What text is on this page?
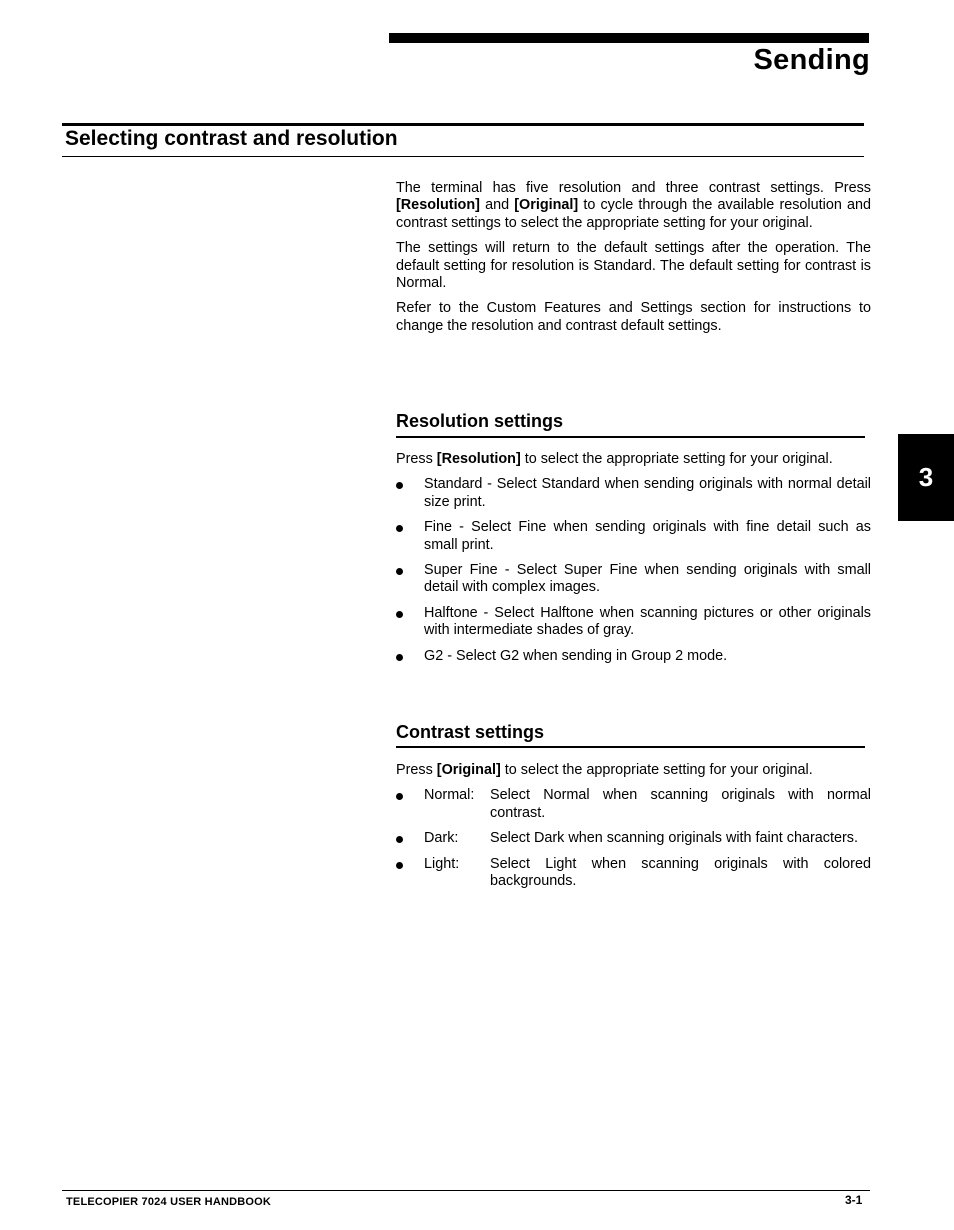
Sending
Selecting contrast and resolution

The terminal has five resolution and three contrast settings. Press [Resolution] and [Original] to cycle through the available resolution and contrast settings to select the appropriate setting for your original.

The settings will return to the default settings after the operation. The default setting for resolution is Standard. The default setting for contrast is Normal.

Refer to the Custom Features and Settings section for instructions to change the resolution and contrast default settings.

Resolution settings

Press [Resolution] to select the appropriate setting for your original.

Standard - Select Standard when sending originals with normal detail size print.
Fine - Select Fine when sending originals with fine detail such as small print.
Super Fine - Select Super Fine when sending originals with small detail with complex images.
Halftone - Select Halftone when scanning pictures or other originals with intermediate shades of gray.
G2 - Select G2 when sending in Group 2 mode.
Contrast settings

Press [Original] to select the appropriate setting for your original.

Normal:	Select Normal when scanning originals with normal contrast.
Dark:	Select Dark when scanning originals with faint characters.
Light:	Select Light when scanning originals with colored backgrounds.
3
TELECOPIER 7024 USER HANDBOOK	3-1
